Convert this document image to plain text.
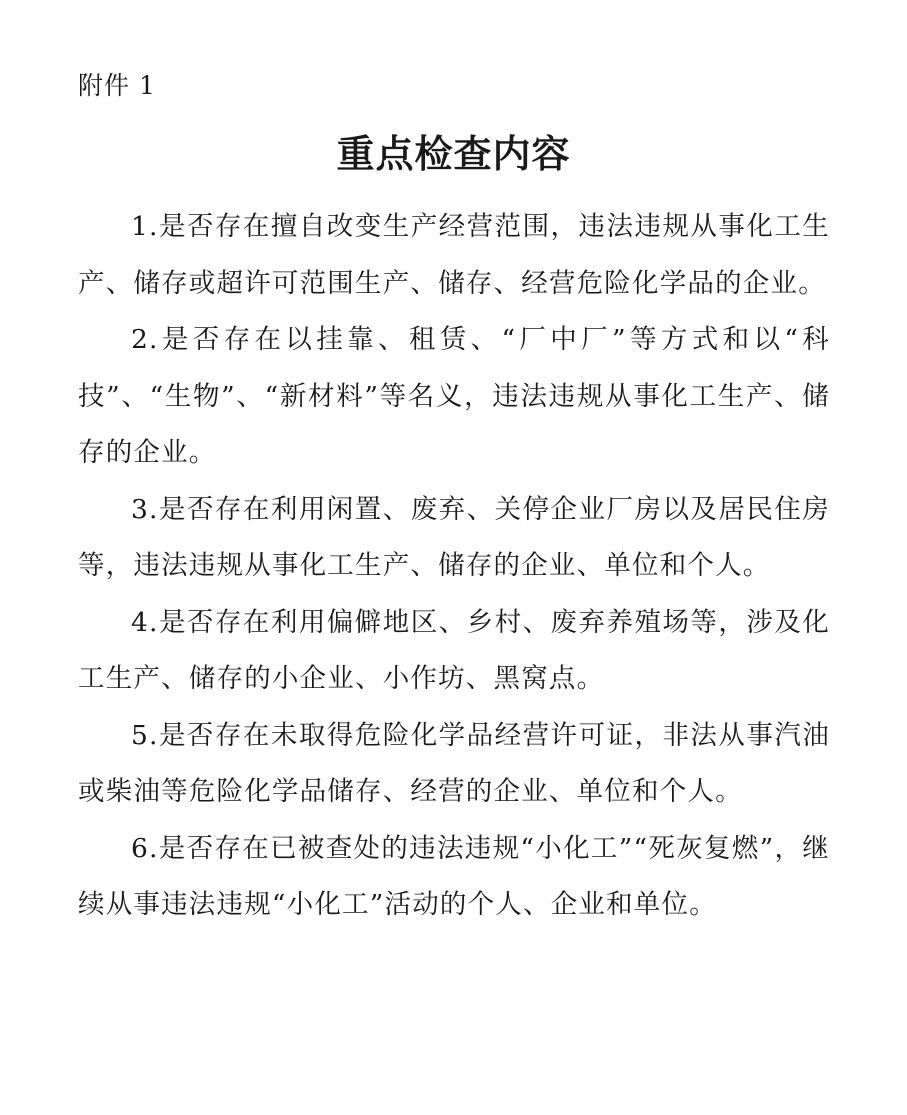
附件 1
重点检查内容

1.是否存在擅自改变生产经营范围，违法违规从事化工生产、储存或超许可范围生产、储存、经营危险化学品的企业。

2.是否存在以挂靠、租赁、“厂中厂”等方式和以“科技”、“生物”、“新材料”等名义，违法违规从事化工生产、储存的企业。

3.是否存在利用闲置、废弃、关停企业厂房以及居民住房等，违法违规从事化工生产、储存的企业、单位和个人。

4.是否存在利用偏僻地区、乡村、废弃养殖场等，涉及化工生产、储存的小企业、小作坊、黑窝点。

5.是否存在未取得危险化学品经营许可证，非法从事汽油或柴油等危险化学品储存、经营的企业、单位和个人。

6.是否存在已被查处的违法违规“小化工”“死灰复燃”，继续从事违法违规“小化工”活动的个人、企业和单位。
